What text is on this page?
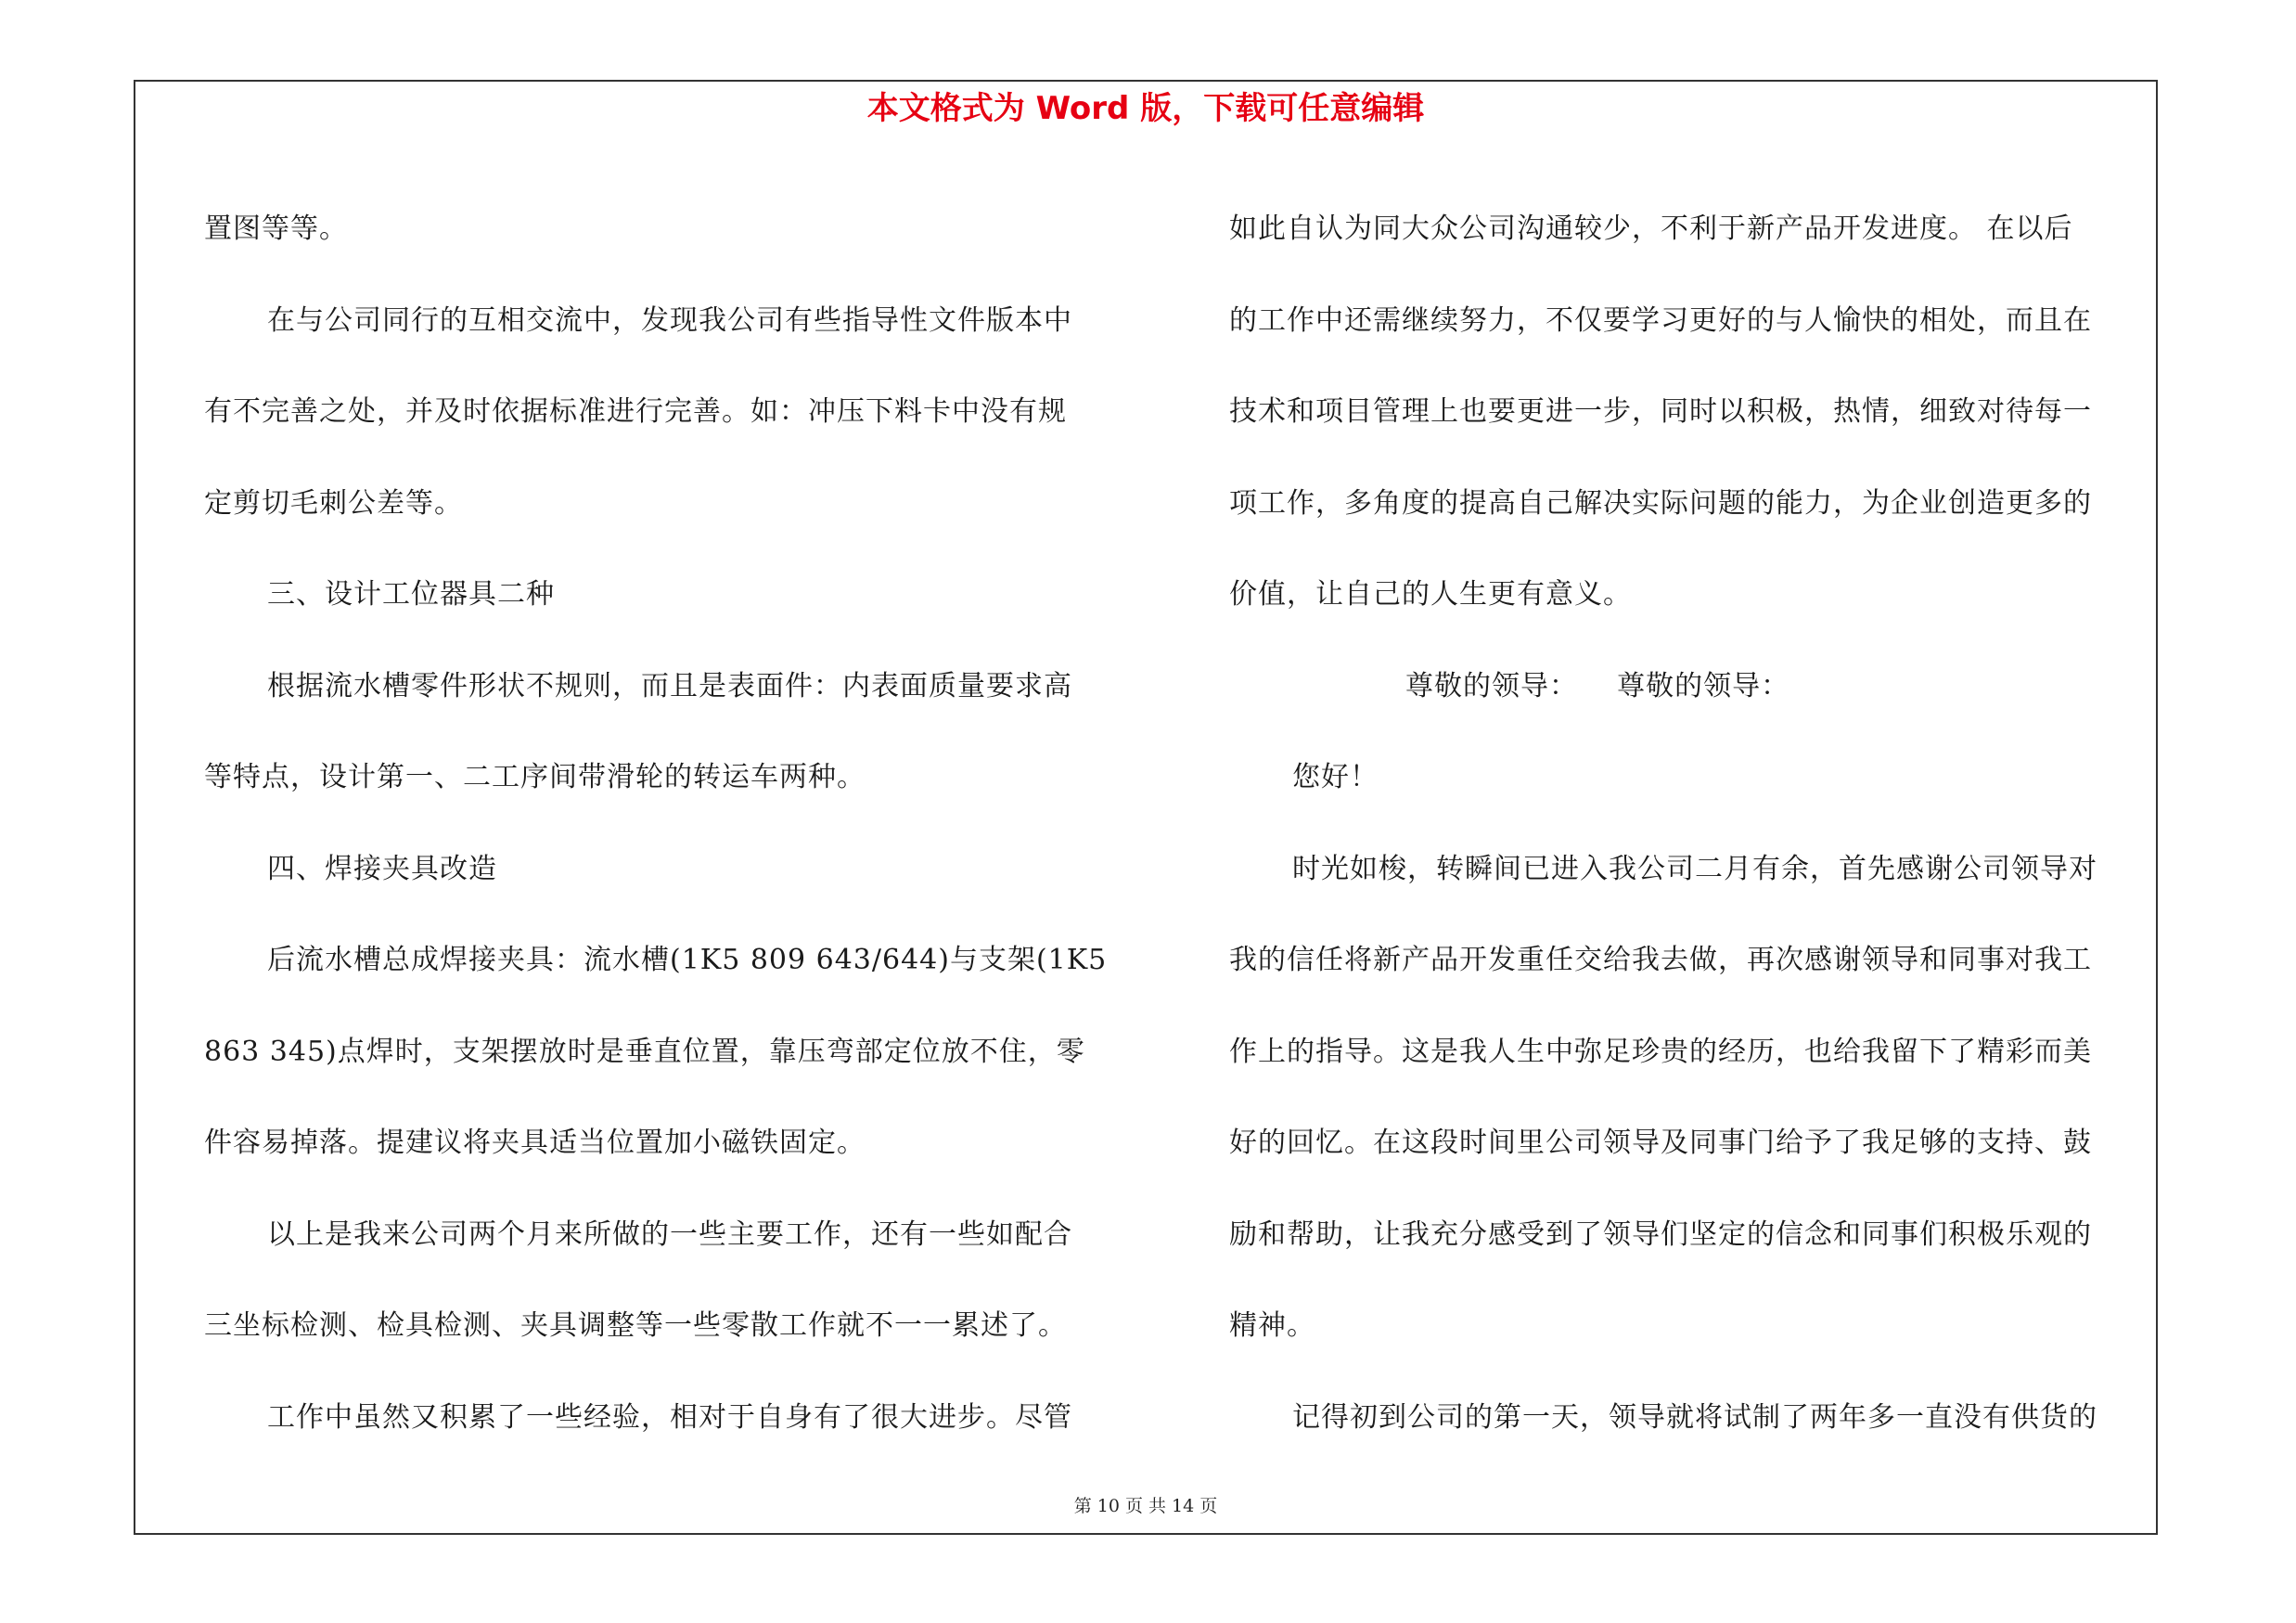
本文格式为 Word 版，下载可任意编辑
置图等等。
在与公司同行的互相交流中，发现我公司有些指导性文件版本中
有不完善之处，并及时依据标准进行完善。如：冲压下料卡中没有规
定剪切毛刺公差等。
三、设计工位器具二种
根据流水槽零件形状不规则，而且是表面件：内表面质量要求高
等特点，设计第一、二工序间带滑轮的转运车两种。
四、焊接夹具改造
后流水槽总成焊接夹具：流水槽(1K5 809 643/644)与支架(1K5
863 345)点焊时，支架摆放时是垂直位置，靠压弯部定位放不住，零
件容易掉落。提建议将夹具适当位置加小磁铁固定。
以上是我来公司两个月来所做的一些主要工作，还有一些如配合
三坐标检测、检具检测、夹具调整等一些零散工作就不一一累述了。
工作中虽然又积累了一些经验，相对于自身有了很大进步。尽管
如此自认为同大众公司沟通较少，不利于新产品开发进度。 在以后
的工作中还需继续努力，不仅要学习更好的与人愉快的相处，而且在
技术和项目管理上也要更进一步，同时以积极，热情，细致对待每一
项工作，多角度的提高自己解决实际问题的能力，为企业创造更多的
价值，让自己的人生更有意义。
尊敬的领导：    尊敬的领导：
您好！
时光如梭，转瞬间已进入我公司二月有余，首先感谢公司领导对
我的信任将新产品开发重任交给我去做，再次感谢领导和同事对我工
作上的指导。这是我人生中弥足珍贵的经历，也给我留下了精彩而美
好的回忆。在这段时间里公司领导及同事门给予了我足够的支持、鼓
励和帮助，让我充分感受到了领导们坚定的信念和同事们积极乐观的
精神。
记得初到公司的第一天，领导就将试制了两年多一直没有供货的
第 10 页 共 14 页
